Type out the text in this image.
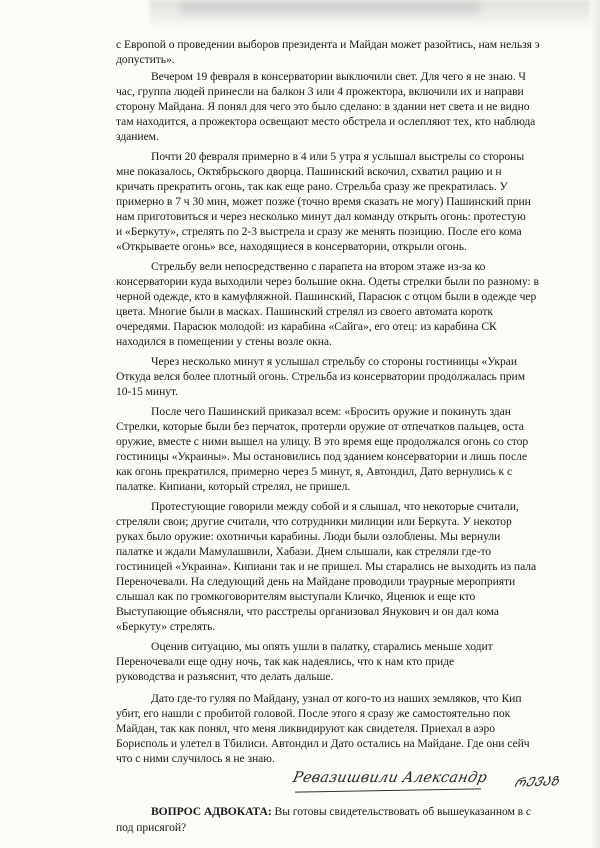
с Европой о проведении выборов президента и Майдан может разойтись, нам нельзя э
допустить».
Вечером 19 февраля в консерватории выключили свет. Для чего я не знаю. Ч
час, группа людей принесли на балкон 3 или 4 прожектора, включили их и направи
сторону Майдана. Я понял для чего это было сделано: в здании нет света и не видно
там находится, а прожектора освещают место обстрела и ослепляют тех, кто наблюда
зданием.
Почти 20 февраля примерно в 4 или 5 утра я услышал выстрелы со стороны
мне показалось, Октябрьского дворца. Пашинский вскочил, схватил рацию и н
кричать прекратить огонь, так как еще рано. Стрельба сразу же прекратилась. У
примерно в 7 ч 30 мин, может позже (точно время сказать не могу) Пашинский прин
нам приготовиться и через несколько минут дал команду открыть огонь: протестую
и «Беркуту», стрелять по 2-3 выстрела и сразу же менять позицию. После его кома
«Открываете огонь» все, находящиеся в консерватории, открыли огонь.
Стрельбу вели непосредственно с парапета на втором этаже из-за ко
консерватории куда выходили через большие окна. Одеты стрелки были по разному: в
черной одежде, кто в камуфляжной. Пашинский, Парасюк с отцом были в одежде чер
цвета. Многие были в масках. Пашинский стрелял из своего автомата коротк
очередями. Парасюк молодой: из карабина «Сайга», его отец: из карабина СК
находился в помещении у стены возле окна.
Через несколько минут я услышал стрельбу со стороны гостиницы «Украи
Откуда велся более плотный огонь. Стрельба из консерватории продолжалась прим
10-15 минут.
После чего Пашинский приказал всем: «Бросить оружие и покинуть здан
Стрелки, которые были без перчаток, протерли оружие от отпечатков пальцев, оста
оружие, вместе с ними вышел на улицу. В это время еще продолжался огонь со стор
гостиницы «Украины». Мы остановились под зданием консерватории и лишь после
как огонь прекратился, примерно через 5 минут, я, Автондил, Дато вернулись к с
палатке. Кипиани, который стрелял, не пришел.
Протестующие говорили между собой и я слышал, что некоторые считали,
стреляли свои; другие считали, что сотрудники милиции или Беркута. У некотор
руках было оружие: охотничьи карабины. Люди были озлоблены. Мы вернули
палатке и ждали Мамулашвили, Хабази. Днем слышали, как стреляли где-то
гостиницей «Украина». Кипиани так и не пришел. Мы старались не выходить из пала
Переночевали. На следующий день на Майдане проводили траурные мероприяти
слышал как по громкоговорителям выступали Кличко, Яценюк и еще кто
Выступающие объясняли, что расстрелы организовал Янукович и он дал кома
«Беркуту» стрелять.
Оценив ситуацию, мы опять ушли в палатку, старались меньше ходит
Переночевали еще одну ночь, так как надеялись, что к нам кто приде
руководства и разъяснит, что делать дальше.
Дато где-то гуляя по Майдану, узнал от кого-то из наших земляков, что Кип
убит, его нашли с пробитой головой. После этого я сразу же самостоятельно пок
Майдан, так как понял, что меня ликвидируют как свидетеля. Приехал в аэро
Борисполь и улетел в Тбилиси. Автондил и Дато остались на Майдане. Где они сейч
что с ними случилось я не знаю.
Ревазишвили Александр ᲠᲔᲕᲐᲖ
ВОПРОС АДВОКАТА: Вы готовы свидетельствовать об вышеуказанном в с
под присягой?
